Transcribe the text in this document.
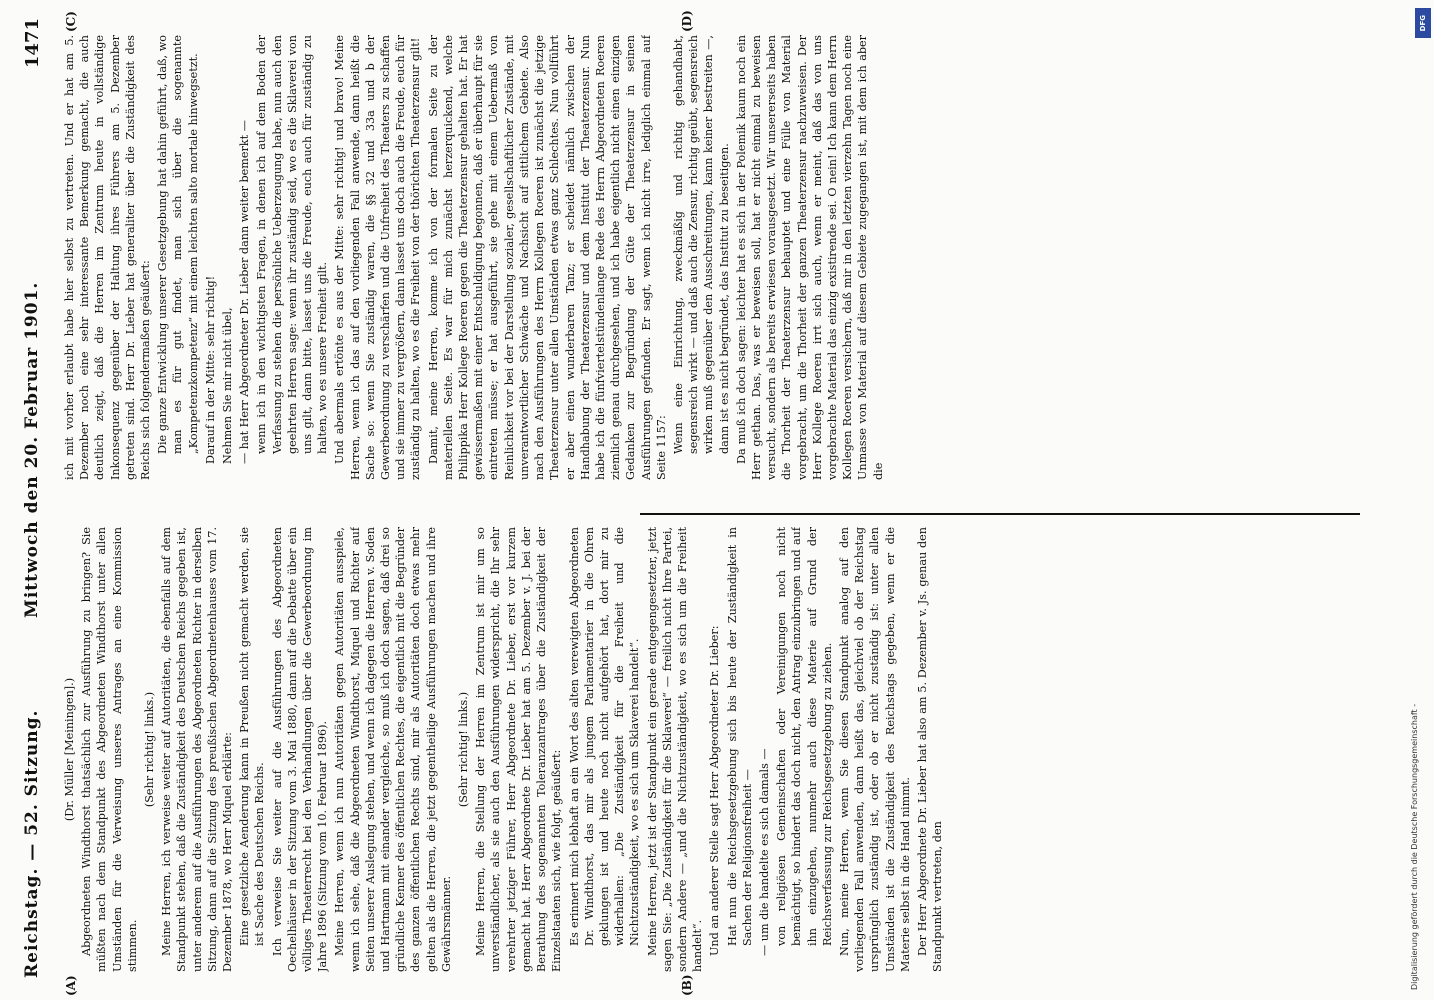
Reichstag. — 52. Sitzung.
Mittwoch den 20. Februar 1901.
1471

(Dr. Müller [Meiningen].) Abgeordneten Windthorst thatsächlich zur Ausführung zu bringen? Sie müßten nach dem Standpunkt des Abgeordneten Windthorst unter allen Umständen für die Verweisung unseres Antrages an eine Kommission stimmen.

(Sehr richtig! links.) Meine Herren, ich verweise weiter auf Autoritäten, die ebenfalls auf dem Standpunkt stehen, daß die Zuständigkeit des Deutschen Reichs gegeben ist, unter anderem auf die Ausführungen des Abgeordneten Richter in derselben Sitzung, dann auf die Sitzung des preußischen Abgeordnetenhauses vom 17. Dezember 1878, wo Herr Miquel erklärte: Eine gesetzliche Aenderung kann in Preußen nicht gemacht werden, sie ist Sache des Deutschen Reichs. Ich verweise Sie weiter auf die Ausführungen des Abgeordneten Oechelhäuser in der Sitzung vom 3. Mai 1880, dann auf die Debatte über ein völliges Theaterrecht bei den Verhandlungen über die Gewerbeordnung im Jahre 1896 (Sitzung vom 10. Februar 1896). Meine Herren, wenn ich nun Autoritäten gegen Autoritäten ausspiele, wenn ich sehe, daß die Abgeordneten Windthorst, Miquel und Richter auf Seiten unserer Auslegung stehen, und wenn ich dagegen die Herren v. Soden und Hartmann mit einander vergleiche, so muß ich doch sagen, daß drei so gründliche Kenner des öffentlichen Rechtes, die eigentlich mit die Begründer des ganzen öffentlichen Rechts sind, mir als Autoritäten doch etwas mehr gelten als die Herren, die jetzt gegentheilige Ausführungen machen und ihre Gewährsmänner.

(Sehr richtig! links.) Meine Herren, die Stellung der Herren im Zentrum ist mir um so unverständlicher, als sie auch den Ausführungen widerspricht, die Ihr sehr verehrter jetziger Führer, Herr Abgeordnete Dr. Lieber, erst vor kurzem gemacht hat. Herr Abgeordnete Dr. Lieber hat am 5. Dezember v. J. bei der Berathung des sogenannten Toleranzantrages über die Zuständigkeit der Einzelstaaten sich, wie folgt, geäußert: Es erinnert mich lebhaft an ein Wort des alten verewigten Abgeordneten Dr. Windthorst, das mir als jungem Parlamentarier in die Ohren geklungen ist und heute noch nicht aufgehört hat, dort mir zu widerhallen: „Die Zuständigkeit für die Freiheit und die Nichtzuständigkeit, wo es sich um Sklaverei handelt“. Meine Herren, jetzt ist der Standpunkt ein gerade entgegengesetzter, jetzt sagen Sie: „Die Zuständigkeit für die Sklaverei“ — freilich nicht Ihre Partei, sondern Andere — „und die Nichtzuständigkeit, wo es sich um die Freiheit handelt“. Und an anderer Stelle sagt Herr Abgeordneter Dr. Lieber: Hat nun die Reichsgesetzgebung sich bis heute der Zuständigkeit in Sachen der Religionsfreiheit — — um die handelte es sich damals — von religiösen Gemeinschaften oder Vereinigungen noch nicht bemächtigt, so hindert das doch nicht, den Antrag einzubringen und auf ihn einzugehen, nunmehr auch diese Materie auf Grund der Reichsverfassung zur Reichsgesetzgebung zu ziehen. Nun, meine Herren, wenn Sie diesen Standpunkt analog auf den vorliegenden Fall anwenden, dann heißt das, gleichviel ob der Reichstag ursprünglich zuständig ist, oder ob er nicht zuständig ist: unter allen Umständen ist die Zuständigkeit des Reichstags gegeben, wenn er die Materie selbst in die Hand nimmt. Der Herr Abgeordnete Dr. Lieber hat also am 5. Dezember v. Js. genau den Standpunkt vertreten, den

ich mit vorher erlaubt habe hier selbst zu vertreten. Und er hat am 5. Dezember noch eine sehr interessante Bemerkung gemacht, die auch deutlich zeigt, daß die Herren im Zentrum heute in vollständige Inkonsequenz gegenüber der Haltung ihres Führers am 5. Dezember getreten sind. Herr Dr. Lieber hat generaliter über die Zuständigkeit des Reichs sich folgendermaßen geäußert: Die ganze Entwicklung unserer Gesetzgebung hat dahin geführt, daß, wo man es für gut findet, man sich über die sogenannte „Kompetenzkompetenz“ mit einem leichten salto mortale hinwegsetzt. Darauf in der Mitte: sehr richtig! Nehmen Sie mir nicht übel, — hat Herr Abgeordneter Dr. Lieber dann weiter bemerkt — wenn ich in den wichtigsten Fragen, in denen ich auf dem Boden der Verfassung zu stehen die persönliche Ueberzeugung habe, nun auch den geehrten Herren sage: wenn ihr zuständig seid, wo es die Sklaverei von uns gilt, dann bitte, lasset uns die Freude, euch auch für zuständig zu halten, wo es unsere Freiheit gilt. Und abermals ertönte es aus der Mitte: sehr richtig! und bravo! Meine Herren, wenn ich das auf den vorliegenden Fall anwende, dann heißt die Sache so: wenn Sie zuständig waren, die §§ 32 und 33a und b der Gewerbeordnung zu verschärfen und die Unfreiheit des Theaters zu schaffen und sie immer zu vergrößern, dann lasset uns doch auch die Freude, euch für zuständig zu halten, wo es die Freiheit von der thörichten Theaterzensur gilt! Damit, meine Herren, komme ich von der formalen Seite zu der materiellen Seite. Es war für mich zunächst herzerquickend, welche Philippika Herr Kollege Roeren gegen die Theaterzensur gehalten hat. Er hat gewissermaßen mit einer Entschuldigung begonnen, daß er überhaupt für sie eintreten müsse; er hat ausgeführt, sie gehe mit einem Uebermaß von Reinlichkeit vor bei der Darstellung sozialer, gesellschaftlicher Zustände, mit unverantwortlicher Schwäche und Nachsicht auf sittlichem Gebiete. Also nach den Ausführungen des Herrn Kollegen Roeren ist zunächst die jetzige Theaterzensur unter allen Umständen etwas ganz Schlechtes. Nun vollführt er aber einen wunderbaren Tanz; er scheidet nämlich zwischen der Handhabung der Theaterzensur und dem Institut der Theaterzensur. Nun habe ich die fünfviertelstündenlange Rede des Herrn Abgeordneten Roeren ziemlich genau durchgesehen, und ich habe eigentlich nicht einen einzigen Gedanken zur Begründung der Güte der Theaterzensur in seinen Ausführungen gefunden. Er sagt, wenn ich nicht irre, lediglich einmal auf Seite 1157: Wenn eine Einrichtung, zweckmäßig und richtig gehandhabt, segensreich wirkt — und daß auch die Zensur, richtig geübt, segensreich wirken muß gegenüber den Ausschreitungen, kann keiner bestreiten —, dann ist es nicht begründet, das Institut zu beseitigen. Da muß ich doch sagen: leichter hat es sich in der Polemik kaum noch ein Herr gethan. Das, was er beweisen soll, hat er nicht einmal zu beweisen versucht, sondern als bereits erwiesen vorausgesetzt. Wir unsererseits haben die Thorheit der Theaterzensur behauptet und eine Fülle von Material vorgebracht, um die Thorheit der ganzen Theaterzensur nachzuweisen. Der Herr Kollege Roeren irrt sich auch, wenn er meint, daß das von uns vorgebrachte Material das einzig existirende sei. O nein! Ich kann dem Herrn Kollegen Roeren versichern, daß mir in den letzten vierzehn Tagen noch eine Unmasse von Material auf diesem Gebiete zugegangen ist, mit dem ich aber die

(A)	(B)
(C)	(D)
Digitalisierung gefördert durch die Deutsche Forschungsgemeinschaft -
DFG
